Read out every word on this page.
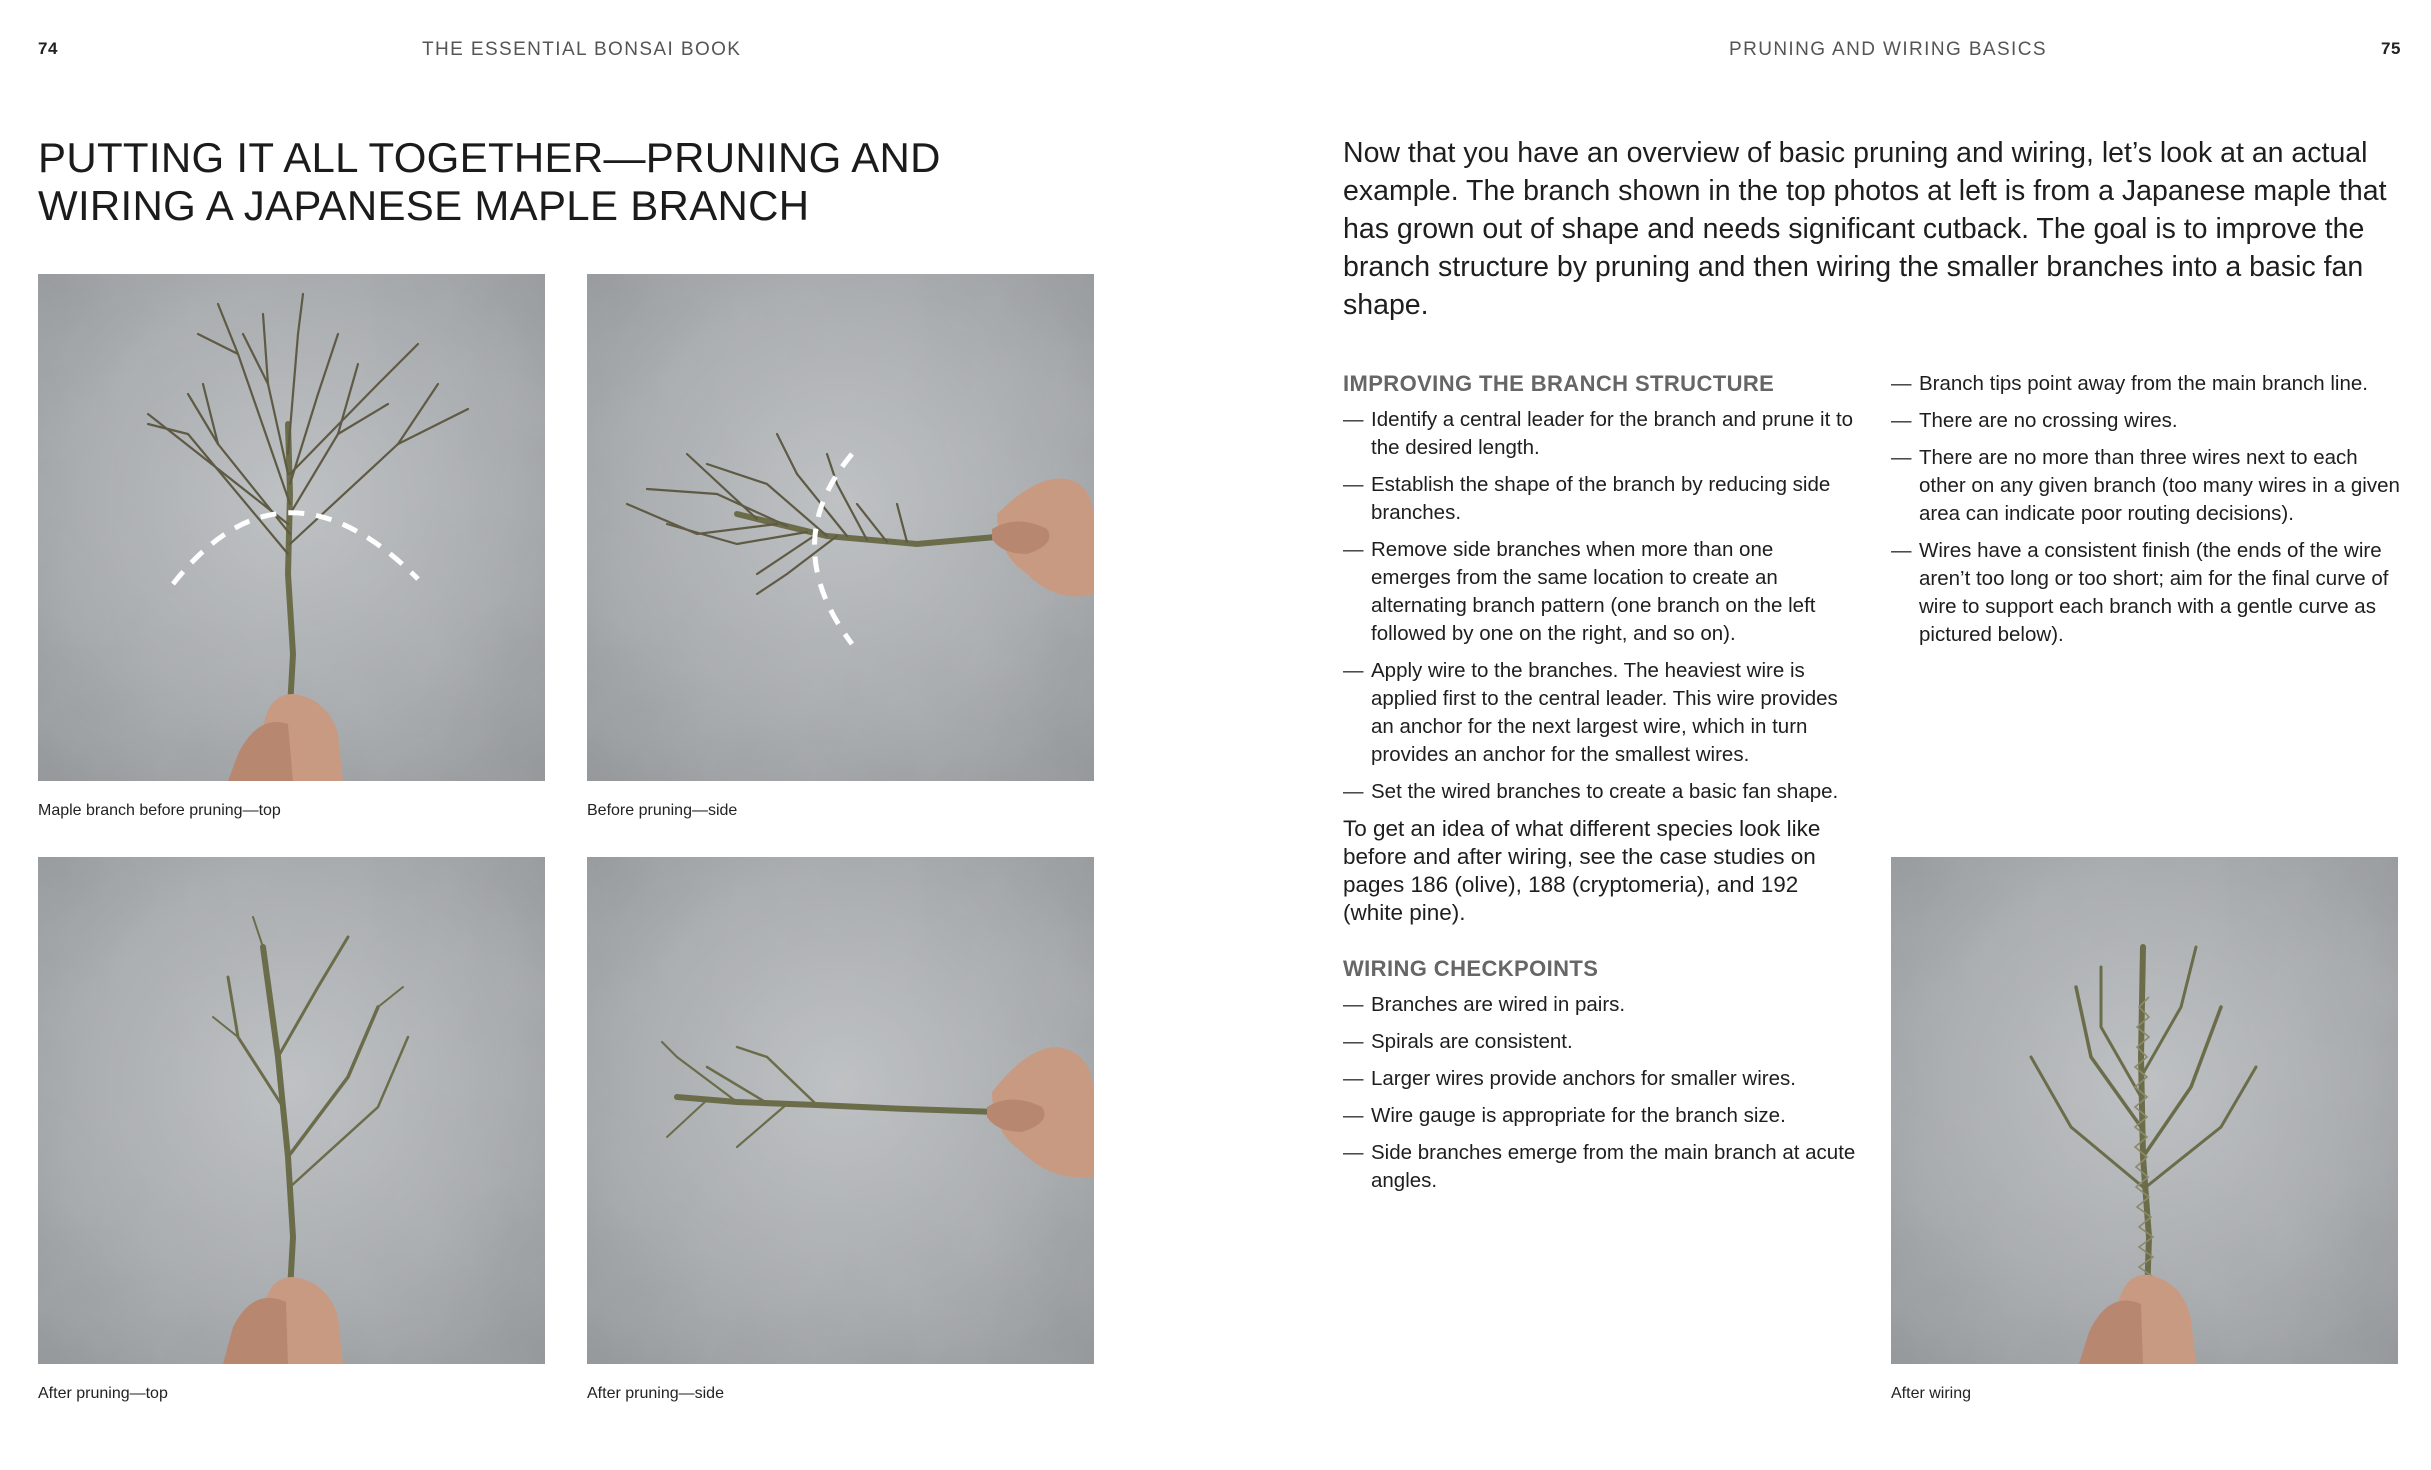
74	THE ESSENTIAL BONSAI BOOK	PRUNING AND WIRING BASICS	75
PUTTING IT ALL TOGETHER—PRUNING AND WIRING A JAPANESE MAPLE BRANCH
Maple branch before pruning—top	Before pruning—side
After pruning—top	After pruning—side

Now that you have an overview of basic pruning and wiring, let’s look at an actual example. The branch shown in the top photos at left is from a Japanese maple that has grown out of shape and needs significant cutback. The goal is to improve the branch structure by pruning and then wiring the smaller branches into a basic fan shape.

IMPROVING THE BRANCH STRUCTURE
— Identify a central leader for the branch and prune it to the desired length.
— Establish the shape of the branch by reducing side branches.
— Remove side branches when more than one emerges from the same location to create an alternating branch pattern (one branch on the left followed by one on the right, and so on).
— Apply wire to the branches. The heaviest wire is applied first to the central leader. This wire provides an anchor for the next largest wire, which in turn provides an anchor for the smallest wires.
— Set the wired branches to create a basic fan shape.

To get an idea of what different species look like before and after wiring, see the case studies on pages 186 (olive), 188 (cryptomeria), and 192 (white pine).

WIRING CHECKPOINTS
— Branches are wired in pairs.
— Spirals are consistent.
— Larger wires provide anchors for smaller wires.
— Wire gauge is appropriate for the branch size.
— Side branches emerge from the main branch at acute angles.
— Branch tips point away from the main branch line.
— There are no crossing wires.
— There are no more than three wires next to each other on any given branch (too many wires in a given area can indicate poor routing decisions).
— Wires have a consistent finish (the ends of the wire aren’t too long or too short; aim for the final curve of wire to support each branch with a gentle curve as pictured below).
After wiring
